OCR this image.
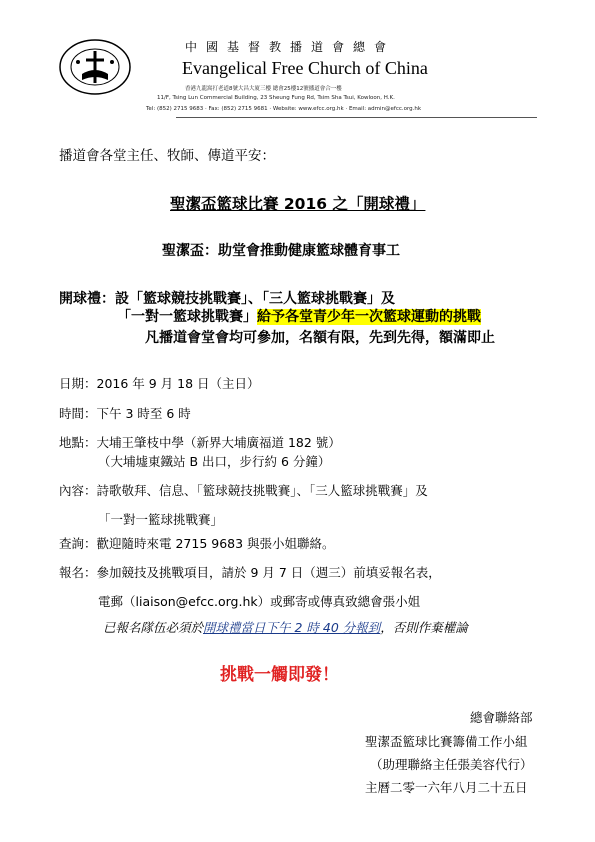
中國基督教播道會總會
Evangelical Free Church of China
香港九龍窩打老道8號大昌大廈三樓 總會25樓12號播道會合一樓
11/F, Tsing Lun Commercial Building, 23 Sheung Fung Rd, Tsim Sha Tsui, Kowloon, H.K.
Tel: (852) 2715 9683 · Fax: (852) 2715 9681 · Website: www.efcc.org.hk · Email: admin@efcc.org.hk
播道會各堂主任、牧師、傳道平安：
聖潔盃籃球比賽 2016 之「開球禮」
聖潔盃：助堂會推動健康籃球體育事工
開球禮：設「籃球競技挑戰賽」、「三人籃球挑戰賽」及
「一對一籃球挑戰賽」給予各堂青少年一次籃球運動的挑戰
凡播道會堂會均可參加，名額有限，先到先得，額滿即止
日期：2016 年 9 月 18 日（主日）
時間：下午 3 時至 6 時
地點：大埔王肇枝中學（新界大埔廣福道 182 號）
（大埔墟東鐵站 B 出口，步行約 6 分鐘）
內容：詩歌敬拜、信息、「籃球競技挑戰賽」、「三人籃球挑戰賽」及
「一對一籃球挑戰賽」
查詢：歡迎隨時來電 2715 9683 與張小姐聯絡。
報名：參加競技及挑戰項目，請於 9 月 7 日（週三）前填妥報名表，
電郵（liaison@efcc.org.hk）或郵寄或傳真致總會張小姐
已報名隊伍必須於開球禮當日下午 2 時 40 分報到，否則作棄權論
挑戰一觸即發！
總會聯絡部
聖潔盃籃球比賽籌備工作小組
（助理聯絡主任張美容代行）
主曆二零一六年八月二十五日
